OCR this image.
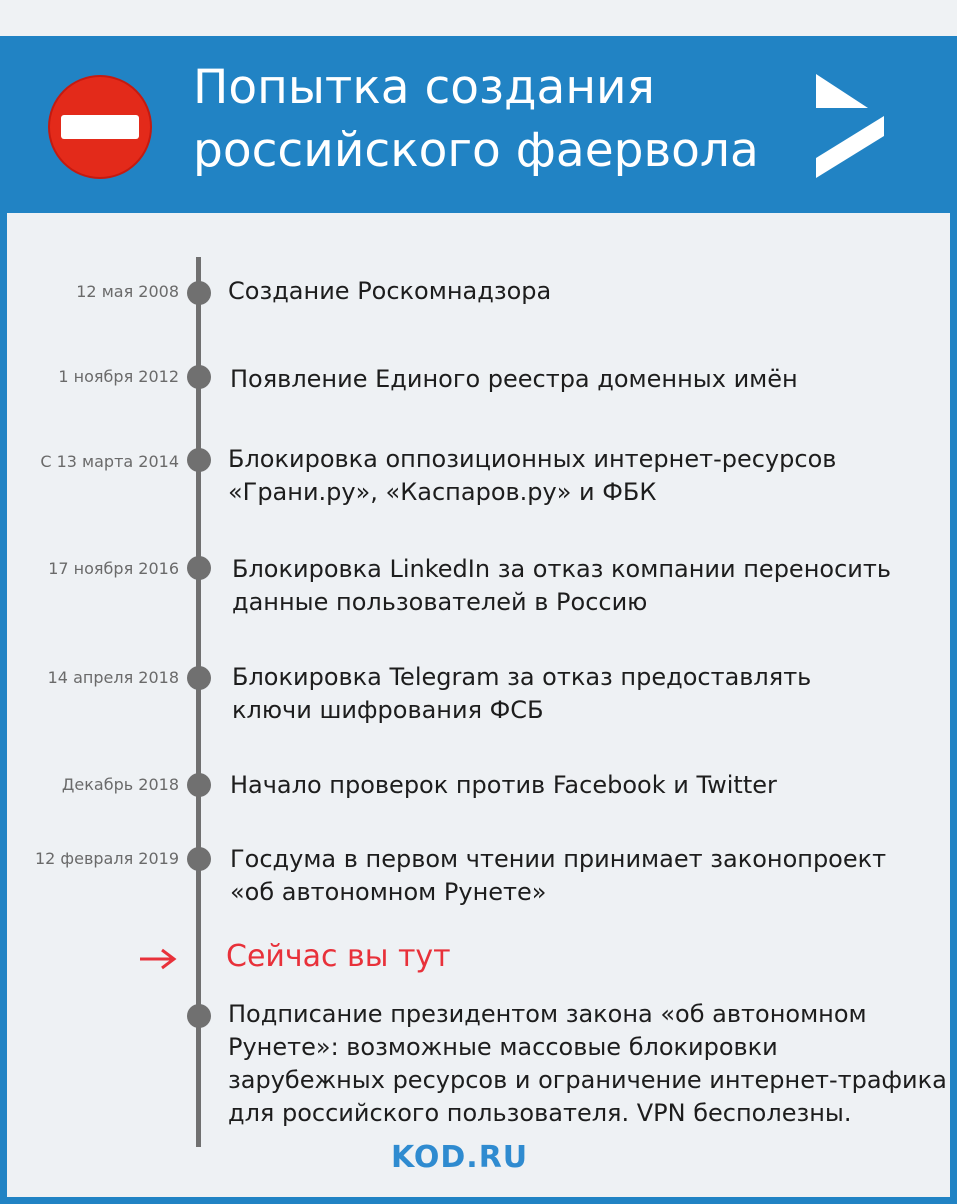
Попытка создания
российского фаервола
12 мая 2008 Создание Роскомнадзора
1 ноября 2012 Появление Единого реестра доменных имён
С 13 марта 2014 Блокировка оппозиционных интернет-ресурсов
«Грани.ру», «Каспаров.ру» и ФБК
17 ноября 2016 Блокировка LinkedIn за отказ компании переносить
данные пользователей в Россию
14 апреля 2018 Блокировка Telegram за отказ предоставлять
ключи шифрования ФСБ
Декабрь 2018 Начало проверок против Facebook и Twitter
12 февраля 2019 Госдума в первом чтении принимает законопроект
«об автономном Рунете»
Подписание президентом закона «об автономном
Рунете»: возможные массовые блокировки
зарубежных ресурсов и ограничение интернет-трафика
для российского пользователя. VPN бесполезны.
Сейчас вы тут
KOD.RU
